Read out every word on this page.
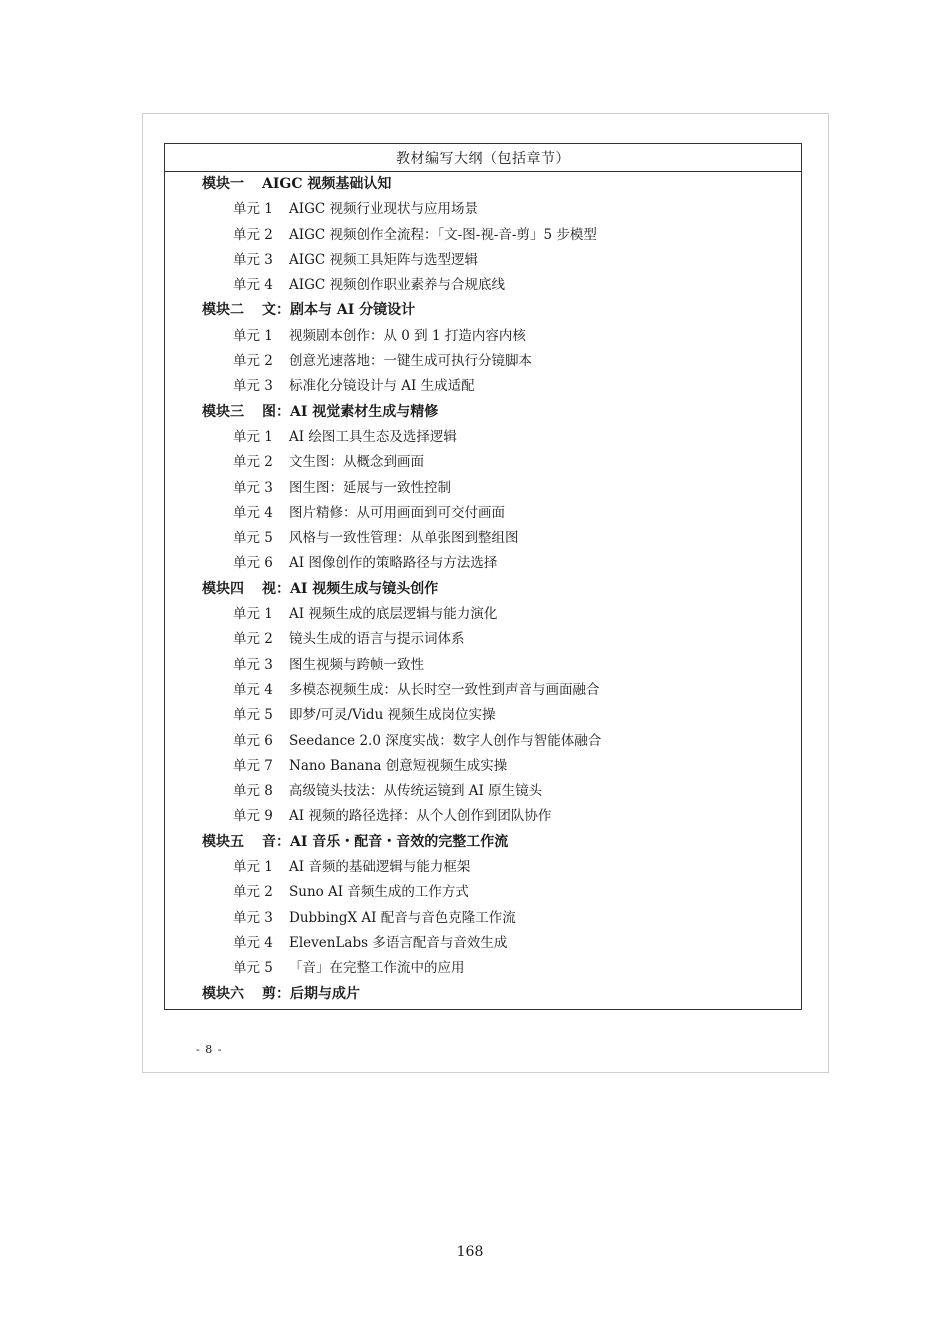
教材编写大纲（包括章节）
模块一 AIGC 视频基础认知
单元 1 AIGC 视频行业现状与应用场景
单元 2 AIGC 视频创作全流程：「文-图-视-音-剪」5 步模型
单元 3 AIGC 视频工具矩阵与选型逻辑
单元 4 AIGC 视频创作职业素养与合规底线
模块二 文：剧本与 AI 分镜设计
单元 1 视频剧本创作：从 0 到 1 打造内容内核
单元 2 创意光速落地：一键生成可执行分镜脚本
单元 3 标准化分镜设计与 AI 生成适配
模块三 图：AI 视觉素材生成与精修
单元 1 AI 绘图工具生态及选择逻辑
单元 2 文生图：从概念到画面
单元 3 图生图：延展与一致性控制
单元 4 图片精修：从可用画面到可交付画面
单元 5 风格与一致性管理：从单张图到整组图
单元 6 AI 图像创作的策略路径与方法选择
模块四 视：AI 视频生成与镜头创作
单元 1 AI 视频生成的底层逻辑与能力演化
单元 2 镜头生成的语言与提示词体系
单元 3 图生视频与跨帧一致性
单元 4 多模态视频生成：从长时空一致性到声音与画面融合
单元 5 即梦/可灵/Vidu 视频生成岗位实操
单元 6 Seedance 2.0 深度实战：数字人创作与智能体融合
单元 7 Nano Banana 创意短视频生成实操
单元 8 高级镜头技法：从传统运镜到 AI 原生镜头
单元 9 AI 视频的路径选择：从个人创作到团队协作
模块五 音：AI 音乐・配音・音效的完整工作流
单元 1 AI 音频的基础逻辑与能力框架
单元 2 Suno AI 音频生成的工作方式
单元 3 DubbingX AI 配音与音色克隆工作流
单元 4 ElevenLabs 多语言配音与音效生成
单元 5 「音」在完整工作流中的应用
模块六 剪：后期与成片
- 8 -
168
